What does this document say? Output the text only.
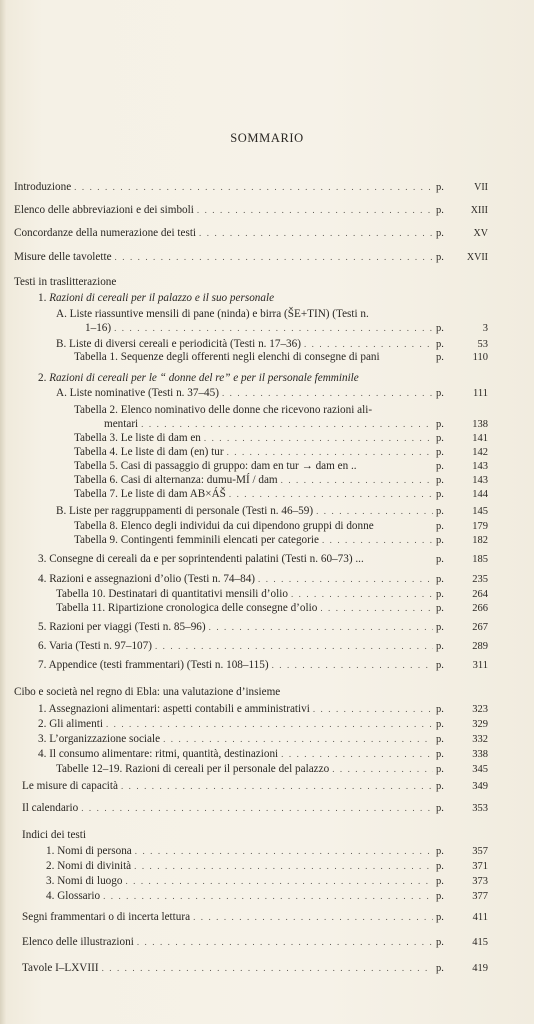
SOMMARIO
Introduzione . . .	p.	VII
Elenco delle abbreviazioni e dei simboli . . .	p.	XIII
Concordanze della numerazione dei testi . . .	p.	XV
Misure delle tavolette . . .	p. XVII
Testi in traslitterazione
1. Razioni di cereali per il palazzo e il suo personale
A. Liste riassuntive mensili di pane (ninda) e birra (ŠE+TIN) (Testi n.
1–16) . . .	p.	3
B. Liste di diversi cereali e periodicità (Testi n. 17–36) . . .	p.	53
Tabella 1. Sequenze degli offerenti negli elenchi di consegne di pani	p.	110
2. Razioni di cereali per le “ donne del re” e per il personale femminile
A. Liste nominative (Testi n. 37–45) . . .	p.	111
Tabella 2. Elenco nominativo delle donne che ricevono razioni ali-
mentari . . .	p.	138
Tabella 3. Le liste di dam en . . .	p.	141
Tabella 4. Le liste di dam (en) tur . . .	p.	142
Tabella 5. Casi di passaggio di gruppo: dam en tur → dam en ..	p.	143
Tabella 6. Casi di alternanza: dumu-MÍ / dam . . .	p.	143
Tabella 7. Le liste di dam AB×ÁŠ . . .	p.	144
B. Liste per raggruppamenti di personale (Testi n. 46–59) . . .	p.	145
Tabella 8. Elenco degli individui da cui dipendono gruppi di donne	p.	179
Tabella 9. Contingenti femminili elencati per categorie . . .	p.	182
3. Consegne di cereali da e per soprintendenti palatini (Testi n. 60–73) ...	p.	185
4. Razioni e assegnazioni d’olio (Testi n. 74–84) . . .	p.	235
Tabella 10. Destinatari di quantitativi mensili d’olio . . .	p.	264
Tabella 11. Ripartizione cronologica delle consegne d’olio . . .	p.	266
5. Razioni per viaggi (Testi n. 85–96) . . .	p.	267
6. Varia (Testi n. 97–107) . . .	p.	289
7. Appendice (testi frammentari) (Testi n. 108–115) . . .	p.	311
Cibo e società nel regno di Ebla: una valutazione d’insieme
1. Assegnazioni alimentari: aspetti contabili e amministrativi . . .	p.	323
2. Gli alimenti . . .	p.	329
3. L’organizzazione sociale . . .	p.	332
4. Il consumo alimentare: ritmi, quantità, destinazioni . . .	p.	338
Tabelle 12–19. Razioni di cereali per il personale del palazzo . . .	p.	345
Le misure di capacità . . .	p.	349
Il calendario . . .	p.	353
Indici dei testi
1. Nomi di persona . . .	p.	357
2. Nomi di divinità . . .	p.	371
3. Nomi di luogo . . .	p.	373
4. Glossario . . .	p.	377
Segni frammentari o di incerta lettura . . .	p.	411
Elenco delle illustrazioni . . .	p.	415
Tavole I–LXVIII . . .	p.	419
